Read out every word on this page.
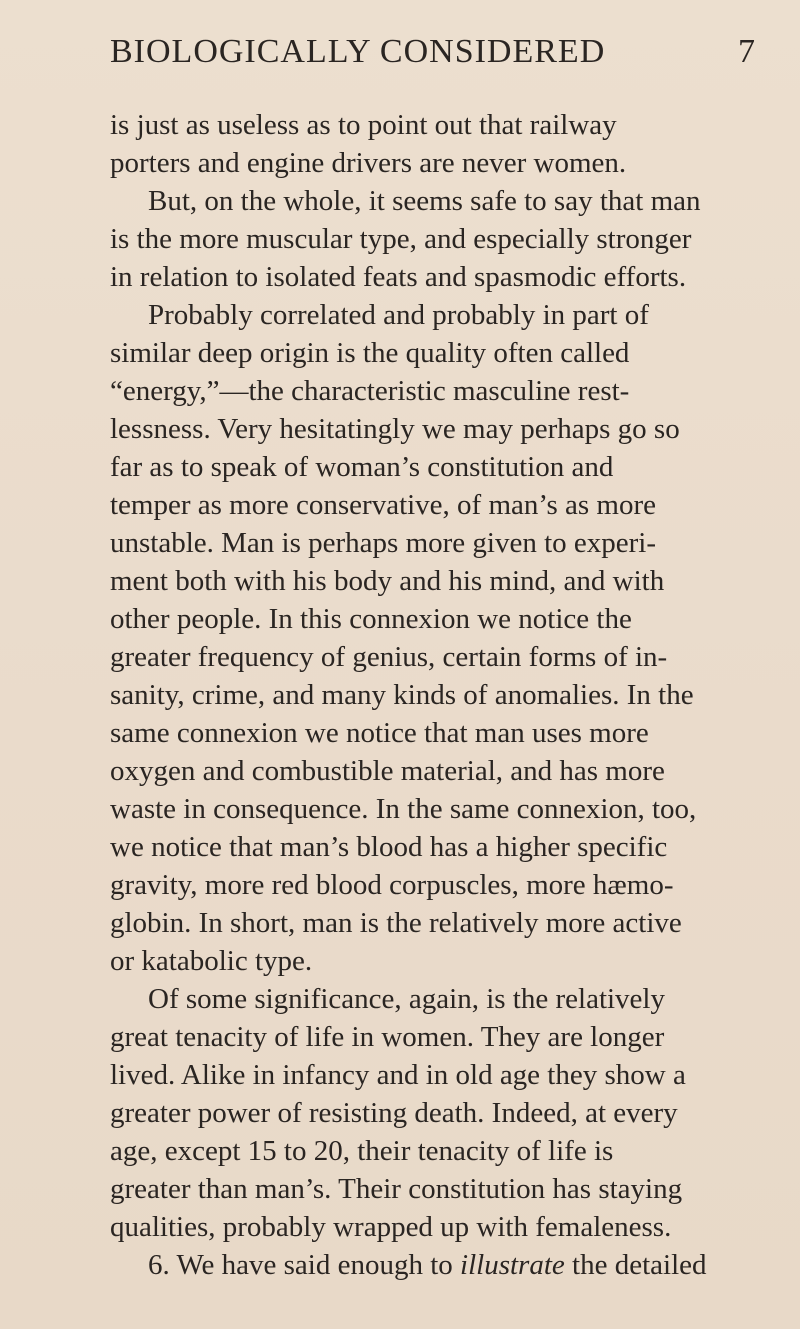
BIOLOGICALLY CONSIDERED	7
is just as useless as to point out that railway
porters and engine drivers are never women.
But, on the whole, it seems safe to say that man
is the more muscular type, and especially stronger
in relation to isolated feats and spasmodic efforts.
Probably correlated and probably in part of
similar deep origin is the quality often called
“energy,”—the characteristic masculine rest-
lessness. Very hesitatingly we may perhaps go so
far as to speak of woman’s constitution and
temper as more conservative, of man’s as more
unstable. Man is perhaps more given to experi-
ment both with his body and his mind, and with
other people. In this connexion we notice the
greater frequency of genius, certain forms of in-
sanity, crime, and many kinds of anomalies. In the
same connexion we notice that man uses more
oxygen and combustible material, and has more
waste in consequence. In the same connexion, too,
we notice that man’s blood has a higher specific
gravity, more red blood corpuscles, more hæmo-
globin. In short, man is the relatively more active
or katabolic type.
Of some significance, again, is the relatively
great tenacity of life in women. They are longer
lived. Alike in infancy and in old age they show a
greater power of resisting death. Indeed, at every
age, except 15 to 20, their tenacity of life is
greater than man’s. Their constitution has staying
qualities, probably wrapped up with femaleness.
6. We have said enough to illustrate the detailed
